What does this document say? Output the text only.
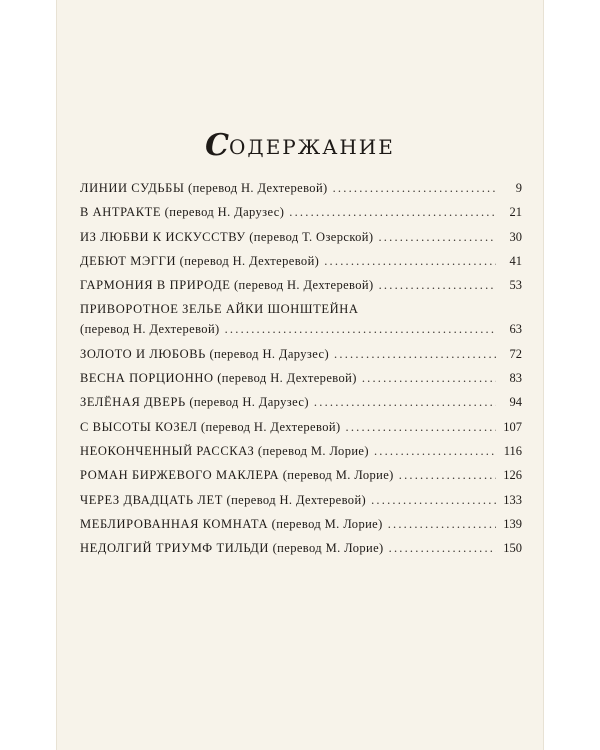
СОДЕРЖАНИЕ
ЛИНИИ СУДЬБЫ (перевод Н. Дехтеревой) .....	9
В АНТРАКТЕ (перевод Н. Дарузес) .....	21
ИЗ ЛЮБВИ К ИСКУССТВУ (перевод Т. Озерской) .....	30
ДЕБЮТ МЭГГИ (перевод Н. Дехтеревой) .....	41
ГАРМОНИЯ В ПРИРОДЕ (перевод Н. Дехтеревой) .....	53
ПРИВОРОТНОЕ ЗЕЛЬЕ АЙКИ ШОНШТЕЙНА
(перевод Н. Дехтеревой) .....	63
ЗОЛОТО И ЛЮБОВЬ (перевод Н. Дарузес) .....	72
ВЕСНА ПОРЦИОННО (перевод Н. Дехтеревой) .....	83
ЗЕЛЁНАЯ ДВЕРЬ (перевод Н. Дарузес) .....	94
С ВЫСОТЫ КОЗЕЛ (перевод Н. Дехтеревой) .....	107
НЕОКОНЧЕННЫЙ РАССКАЗ (перевод М. Лорие) .....	116
РОМАН БИРЖЕВОГО МАКЛЕРА (перевод М. Лорие) .....	126
ЧЕРЕЗ ДВАДЦАТЬ ЛЕТ (перевод Н. Дехтеревой) .....	133
МЕБЛИРОВАННАЯ КОМНАТА (перевод М. Лорие) .....	139
НЕДОЛГИЙ ТРИУМФ ТИЛЬДИ (перевод М. Лорие) .....	150
